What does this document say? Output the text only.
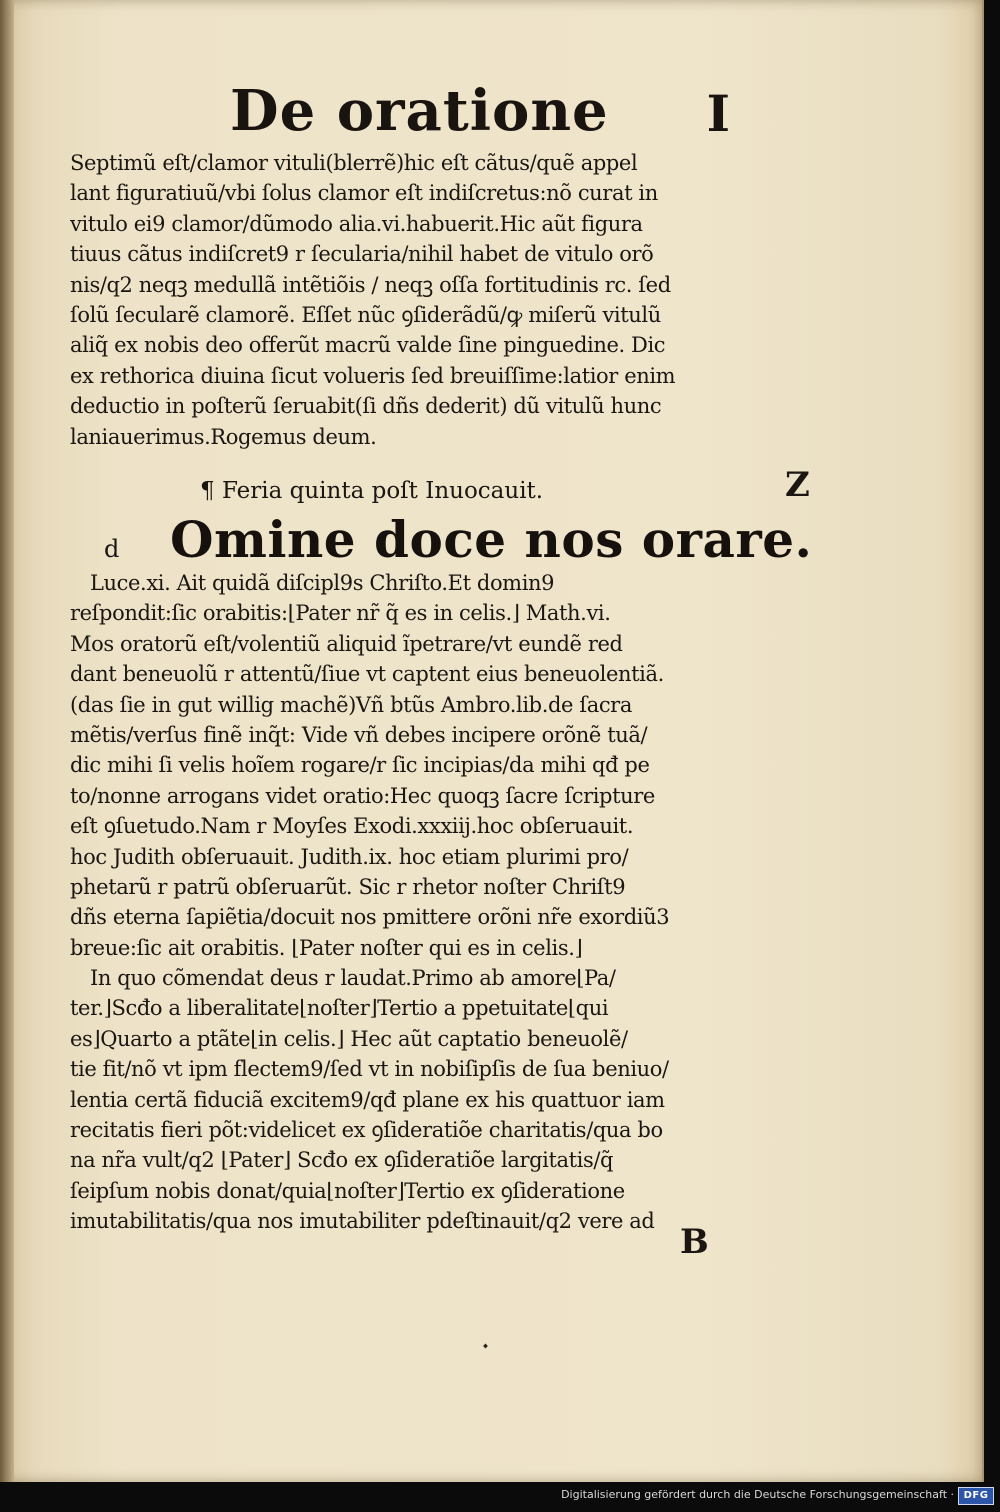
De oratione I
Septimũ eſt/clamor vituli(blerrẽ)hic eſt cãtus/quẽ appel
lant figuratiuũ/vbi ſolus clamor eſt indiſcretus:nõ curat in
vitulo ei9 clamor/dũmodo alia.vi.habuerit.Hic aũt figura
tiuus cãtus indiſcret9 r ſecularia/nihil habet de vitulo orõ
nis/q2 neqꝫ medullã intẽtiõis / neqꝫ oſſa fortitudinis rc. ſed
ſolũ ſecularẽ clamorẽ. Eſſet nũc ꝯſiderãdũ/ꝙ miſerũ vitulũ
aliq̃ ex nobis deo offerũt macrũ valde ſine pinguedine. Dic
ex rethorica diuina ſicut volueris ſed breuiſſime:latior enim
deductio in poſterũ ſeruabit(ſi dñs dederit) dũ vitulũ hunc
laniauerimus.Rogemus deum.
¶ Feria quinta poſt Inuocauit.	Z
d Omine doce nos orare.
Luce.xi. Ait quidã diſcipl9s Chriſto.Et domin9
reſpondit:ſic orabitis:⌊Pater nr̃ q̃ es in celis.⌋ Math.vi.
Mos oratorũ eſt/volentiũ aliquid ĩpetrare/vt eundẽ red
dant beneuolũ r attentũ/ſiue vt captent eius beneuolentiã.
(das ſie in gut willig machẽ)Vñ btũs Ambro.lib.de ſacra
mẽtis/verſus finẽ inq̃t: Vide vñ debes incipere orõnẽ tuã/
dic mihi ſi velis hoĩem rogare/r ſic incipias/da mihi qđ pe
to/nonne arrogans videt oratio:Hec quoqꝫ ſacre ſcripture
eſt ꝯſuetudo.Nam r Moyſes Exodi.xxxiij.hoc obſeruauit.
hoc Judith obſeruauit. Judith.ix. hoc etiam plurimi pro/
phetarũ r patrũ obſeruarũt. Sic r rhetor noſter Chriſt9
dñs eterna ſapiẽtia/docuit nos pmittere orõni nr̃e exordiũ3
breue:ſic ait orabitis. ⌊Pater noſter qui es in celis.⌋
In quo cõmendat deus r laudat.Primo ab amore⌊Pa/
ter.⌋Scđo a liberalitate⌊noſter⌋Tertio a ppetuitate⌊qui
es⌋Quarto a ptãte⌊in celis.⌋ Hec aũt captatio beneuolẽ/
tie fit/nõ vt ipm flectem9/ſed vt in nobiſipſis de ſua beniuo/
lentia certã fiduciã excitem9/qđ plane ex his quattuor iam
recitatis fieri põt:videlicet ex ꝯſideratiõe charitatis/qua bo
na nr̃a vult/q2 ⌊Pater⌋ Scđo ex ꝯſideratiõe largitatis/q̃
ſeipſum nobis donat/quia⌊noſter⌋Tertio ex ꝯſideratione
imutabilitatis/qua nos imutabiliter pdeſtinauit/q2 vere ad
B
𝆺
Digitalisierung gefördert durch die Deutsche Forschungsgemeinschaft · DFG
